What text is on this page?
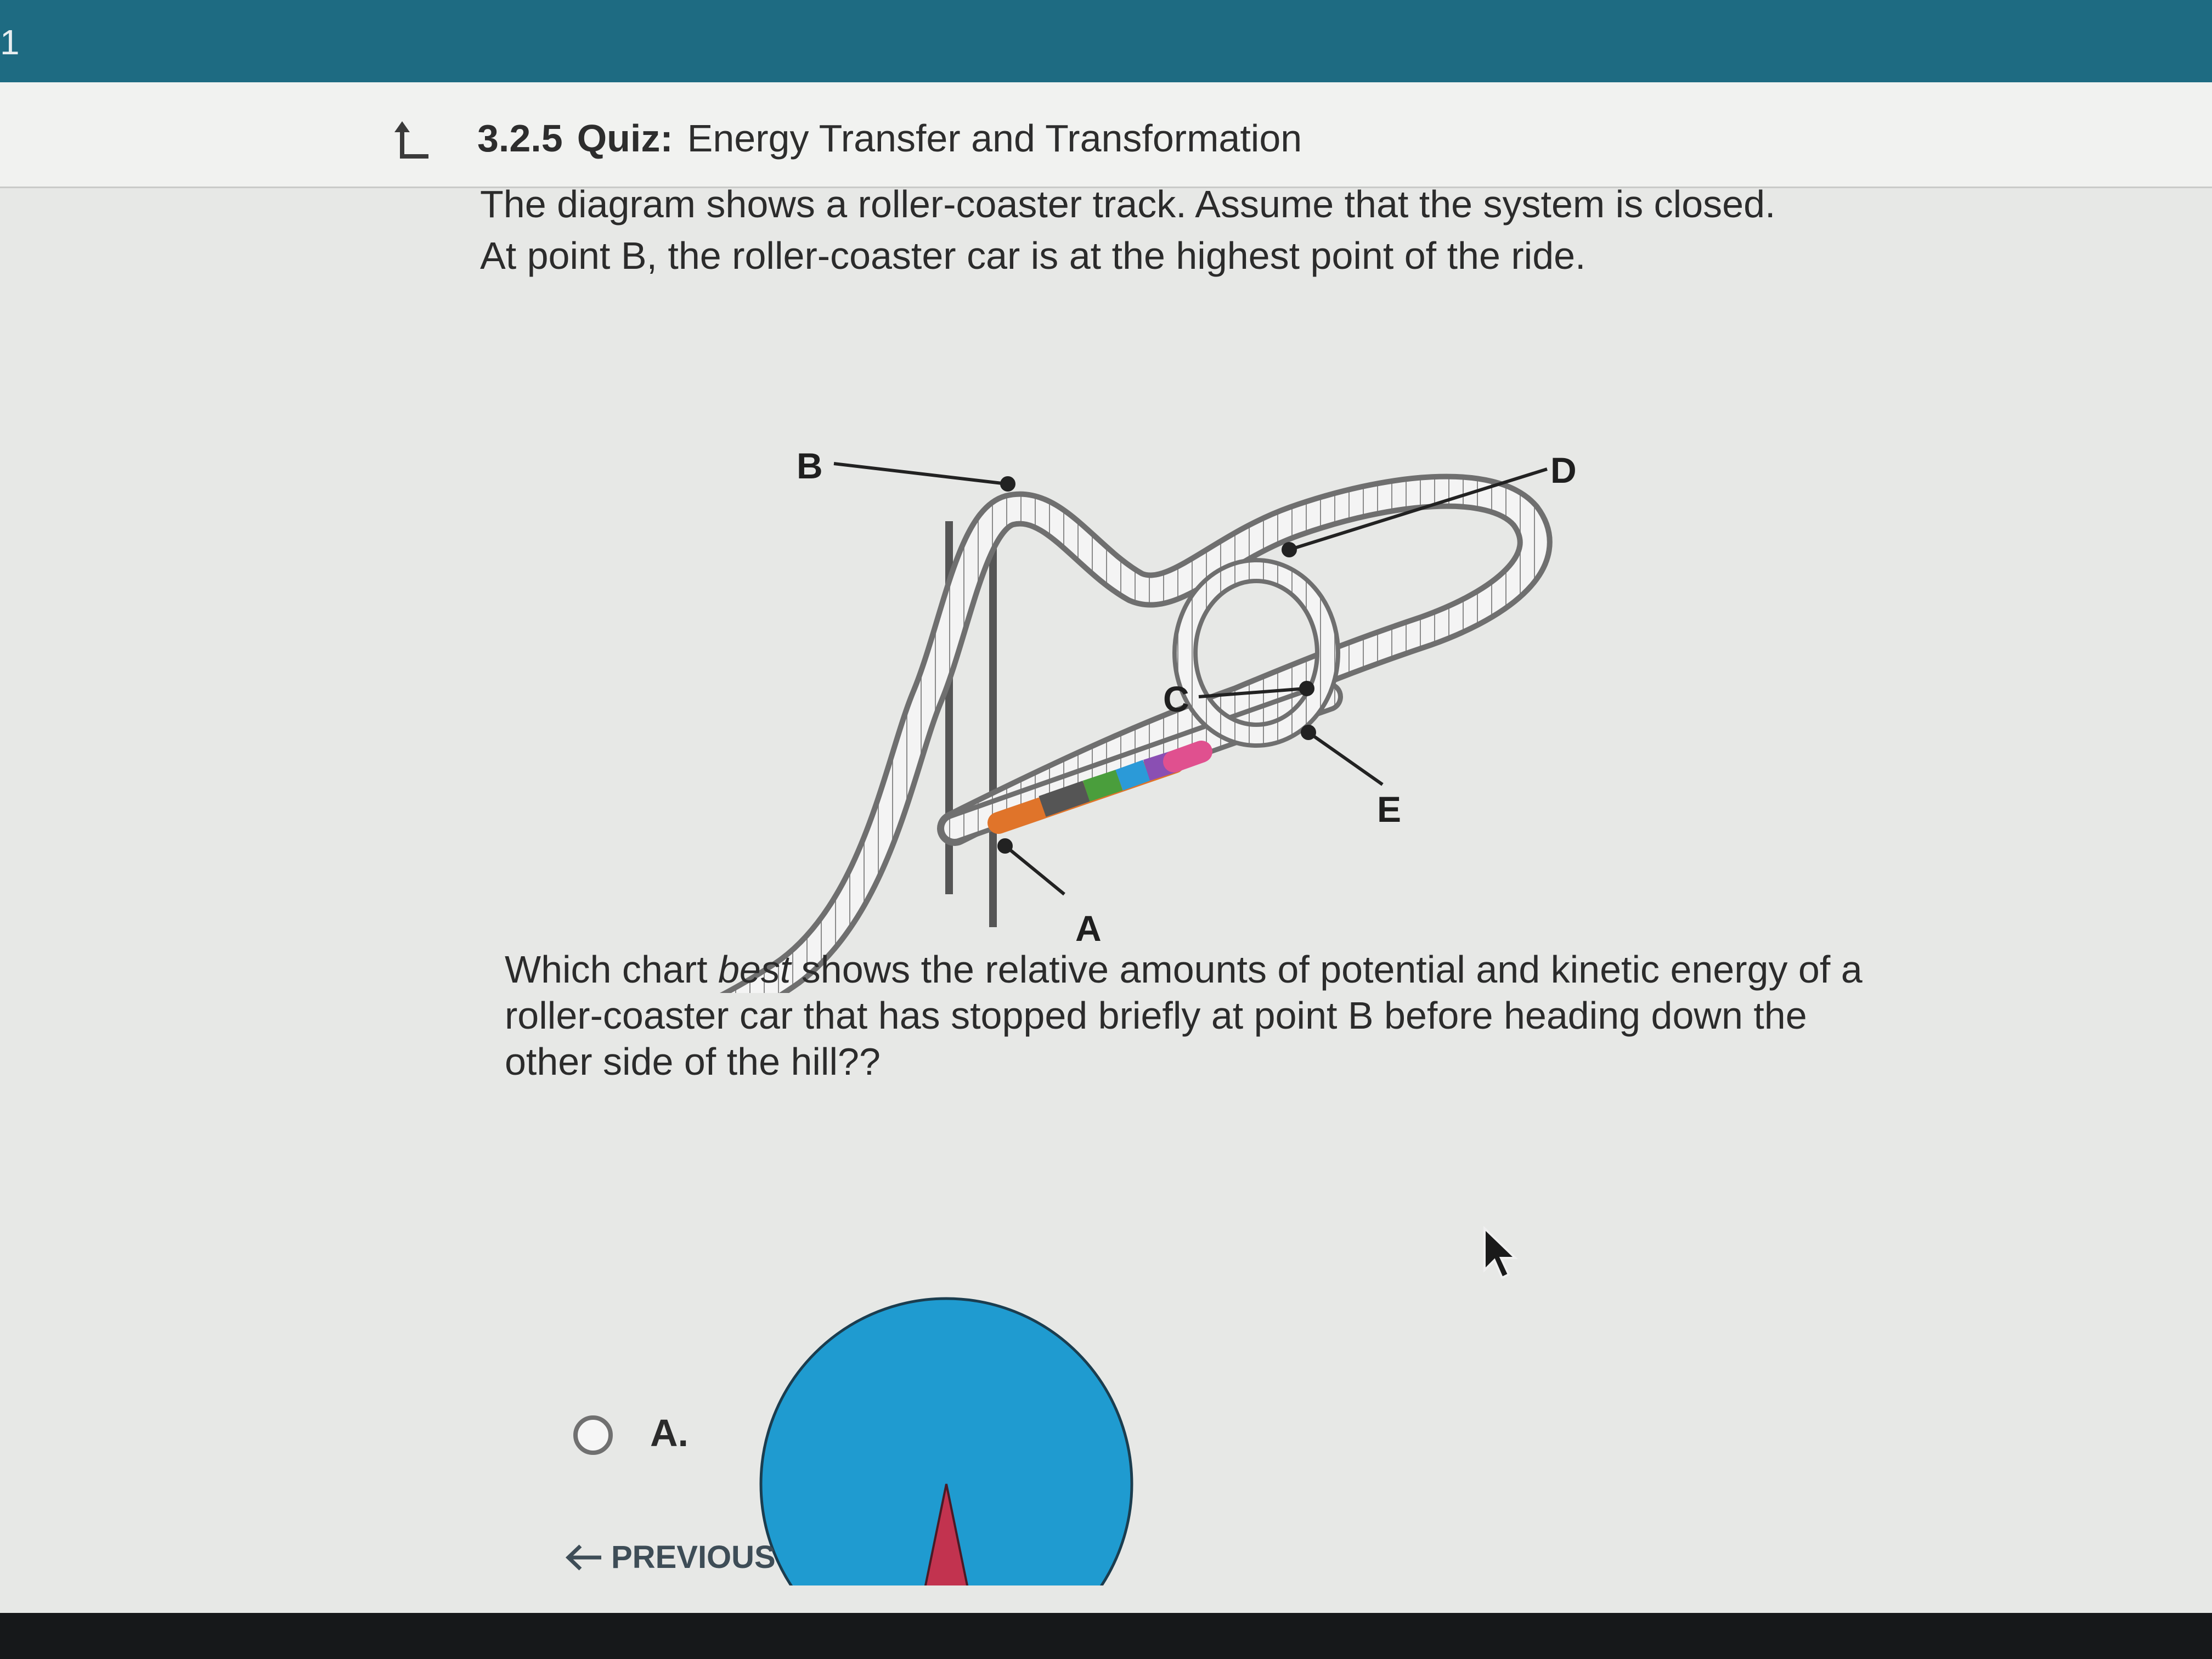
1
3.2.5 Quiz: Energy Transfer and Transformation
The diagram shows a roller-coaster track. Assume that the system is closed.
At point B, the roller-coaster car is at the highest point of the ride.
B	D
C
E
A
Which chart best shows the relative amounts of potential and kinetic energy of a roller-coaster car that has stopped briefly at point B before heading down the other side of the hill??
A.
PREVIOUS
